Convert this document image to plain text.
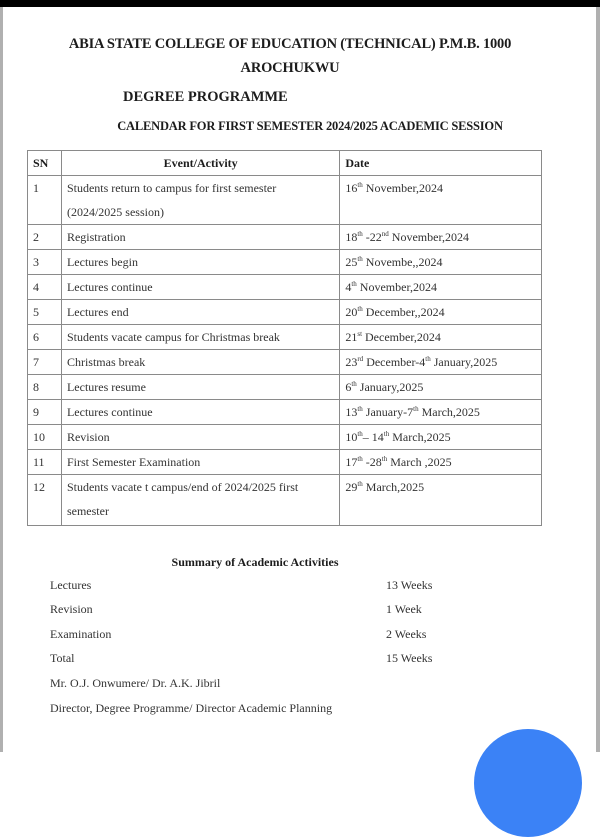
ABIA STATE COLLEGE OF EDUCATION (TECHNICAL) P.M.B. 1000
AROCHUKWU
DEGREE PROGRAMME
CALENDAR FOR FIRST SEMESTER 2024/2025 ACADEMIC SESSION
SN	Event/Activity	Date
1	Students return to campus for first semester (2024/2025 session)	16th November,2024
2	Registration	18th -22nd November,2024
3	Lectures begin	25th Novembe,,2024
4	Lectures continue	4th November,2024
5	Lectures end	20th December,,2024
6	Students vacate campus for Christmas break	21st December,2024
7	Christmas break	23rd December-4th January,2025
8	Lectures resume	6th January,2025
9	Lectures continue	13th January-7th March,2025
10	Revision	10th– 14th March,2025
11	First Semester Examination	17th -28th March ,2025
12	Students vacate t campus/end of 2024/2025 first semester	29th March,2025
Summary of Academic Activities
Lectures	13 Weeks
Revision	1 Week
Examination	2 Weeks
Total	15 Weeks
Mr. O.J. Onwumere/ Dr. A.K. Jibril
Director, Degree Programme/ Director Academic Planning
